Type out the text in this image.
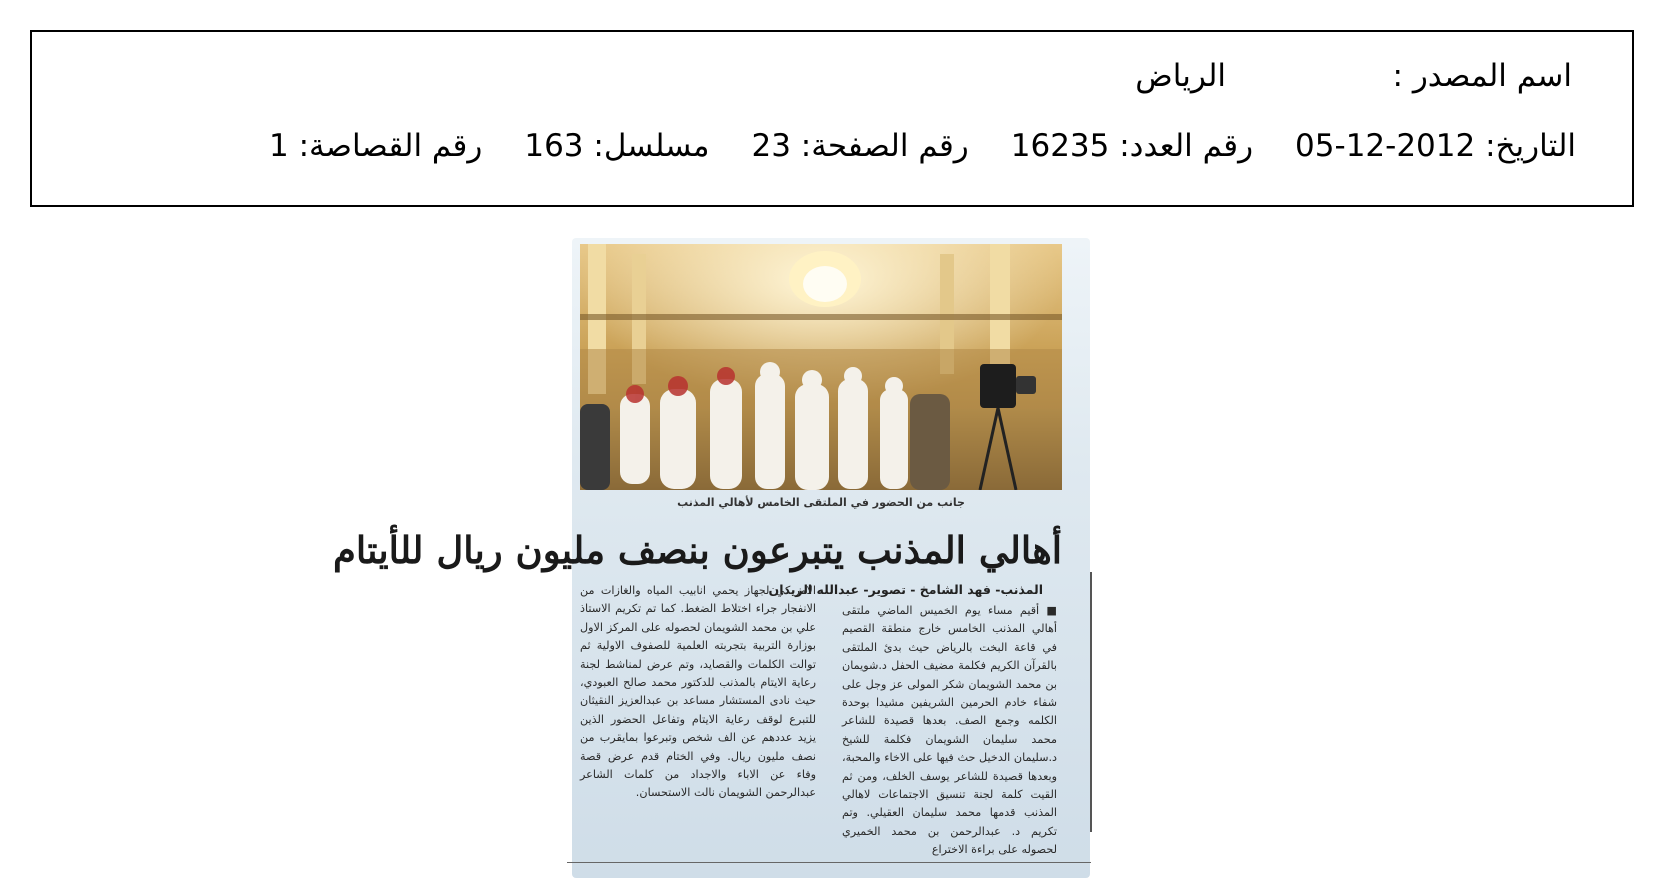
اسم المصدر :
الرياض
التاريخ: 2012-12-05رقم العدد: 16235رقم الصفحة: 23مسلسل: 163رقم القصاصة: 1
جانب من الحضور في الملتقى الخامس لأهالي المذنب
أهالي المذنب يتبرعون بنصف مليون ريال للأيتام
المذنب- فهد الشامخ - تصوير- عبدالله الزيدان

■ أقيم مساء يوم الخميس الماضي ملتقى أهالي المذنب الخامس خارج منطقة القصيم في قاعة البخت بالرياض حيث بدئ الملتقى بالقرآن الكريم فكلمة مضيف الحفل د.شويمان بن محمد الشويمان شكر المولى عز وجل على شفاء خادم الحرمين الشريفين مشيدا بوحدة الكلمه وجمع الصف. بعدها قصيدة للشاعر محمد سليمان الشويمان فكلمة للشيخ د.سليمان الدخيل حث فيها على الاخاء والمحبة، وبعدها قصيدة للشاعر يوسف الخلف، ومن ثم القيت كلمة لجنة تنسيق الاجتماعات لاهالي المذنب قدمها محمد سليمان العقيلي. وتم تكريم د. عبدالرحمن بن محمد الخميري لحصوله على براءة الاختراع

الامريكي لجهاز يحمي انابيب المياه والغازات من الانفجار جراء اختلاط الضغط. كما تم تكريم الاستاذ علي بن محمد الشويمان لحصوله على المركز الاول بوزارة التربية بتجربته العلمية للصفوف الاولية ثم توالت الكلمات والقصايد، وتم عرض لمناشط لجنة رعاية الايتام بالمذنب للدكتور محمد صالح العبودي، حيث نادى المستشار مساعد بن عبدالعزيز النقيثان للتبرع لوقف رعاية الايتام وتفاعل الحضور الذين يزيد عددهم عن الف شخص وتبرعوا بمايقرب من نصف مليون ريال. وفي الختام قدم عرض قصة وفاء عن الاباء والاجداد من كلمات الشاعر عبدالرحمن الشويمان نالت الاستحسان.
